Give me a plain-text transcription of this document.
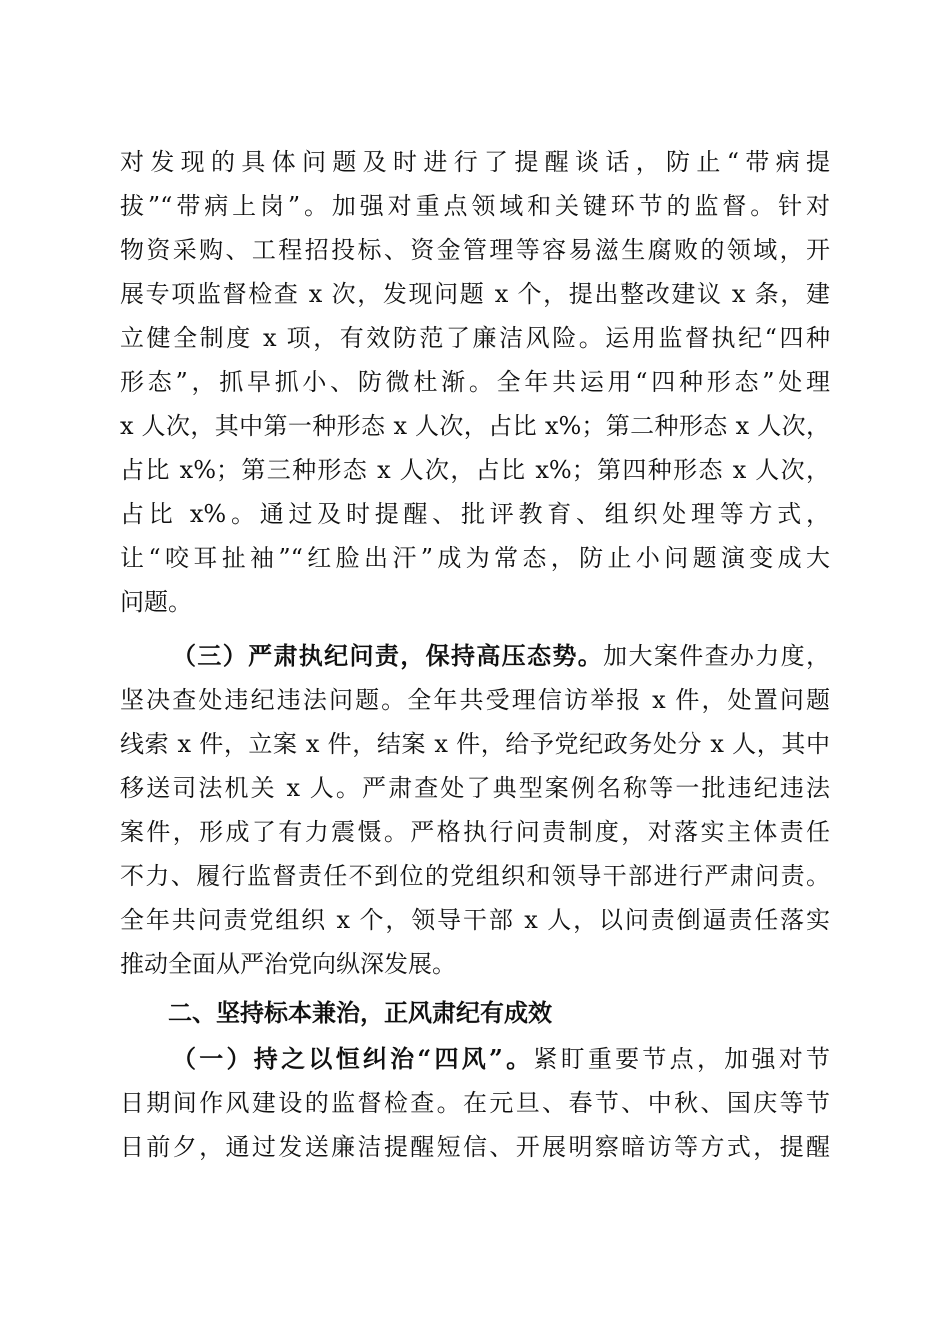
对发现的具体问题及时进行了提醒谈话，防止“带病提
拔”“带病上岗”。加强对重点领域和关键环节的监督。针对
物资采购、工程招投标、资金管理等容易滋生腐败的领域，开
展专项监督检查 x 次，发现问题 x 个，提出整改建议 x 条，建
立健全制度 x 项，有效防范了廉洁风险。运用监督执纪“四种
形态”，抓早抓小、防微杜渐。全年共运用“四种形态”处理
x 人次，其中第一种形态 x 人次，占比 x%；第二种形态 x 人次，
占比 x%；第三种形态 x 人次，占比 x%；第四种形态 x 人次，
占比 x%。通过及时提醒、批评教育、组织处理等方式，
让“咬耳扯袖”“红脸出汗”成为常态，防止小问题演变成大
问题。
（三）严肃执纪问责，保持高压态势。加大案件查办力度，
坚决查处违纪违法问题。全年共受理信访举报 x 件，处置问题
线索 x 件，立案 x 件，结案 x 件，给予党纪政务处分 x 人，其中
移送司法机关 x 人。严肃查处了典型案例名称等一批违纪违法
案件，形成了有力震慑。严格执行问责制度，对落实主体责任
不力、履行监督责任不到位的党组织和领导干部进行严肃问责。
全年共问责党组织 x 个，领导干部 x 人，以问责倒逼责任落实
推动全面从严治党向纵深发展。
二、坚持标本兼治，正风肃纪有成效
（一）持之以恒纠治“四风”。紧盯重要节点，加强对节
日期间作风建设的监督检查。在元旦、春节、中秋、国庆等节
日前夕，通过发送廉洁提醒短信、开展明察暗访等方式，提醒
